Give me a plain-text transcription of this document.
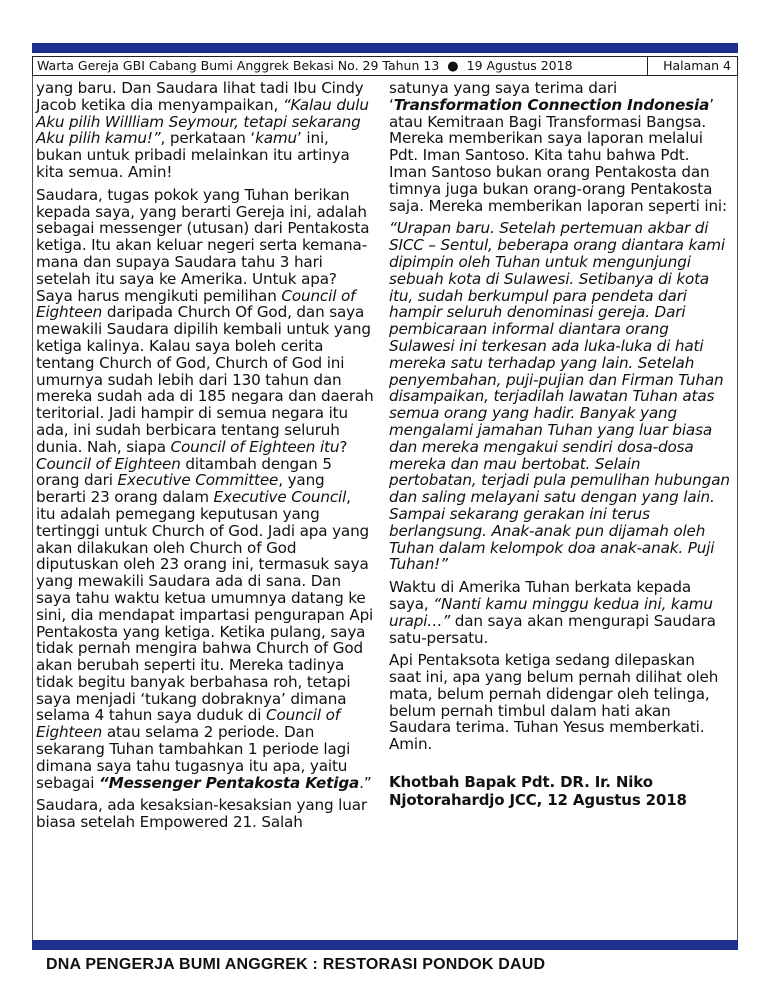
Warta Gereja GBI Cabang Bumi Anggrek Bekasi No. 29 Tahun 13 ● 19 Agustus 2018	Halaman 4

yang baru. Dan Saudara lihat tadi Ibu Cindy Jacob ketika dia menyampaikan, “Kalau dulu Aku pilih Willliam Seymour, tetapi sekarang Aku pilih kamu!”, perkataan ‘kamu’ ini, bukan untuk pribadi melainkan itu artinya kita semua. Amin!

Saudara, tugas pokok yang Tuhan berikan kepada saya, yang berarti Gereja ini, adalah sebagai messenger (utusan) dari Pentakosta ketiga. Itu akan keluar negeri serta kemana-mana dan supaya Saudara tahu 3 hari setelah itu saya ke Amerika. Untuk apa? Saya harus mengikuti pemilihan Council of Eighteen daripada Church Of God, dan saya mewakili Saudara dipilih kembali untuk yang ketiga kalinya. Kalau saya boleh cerita tentang Church of God, Church of God ini umurnya sudah lebih dari 130 tahun dan mereka sudah ada di 185 negara dan daerah teritorial. Jadi hampir di semua negara itu ada, ini sudah berbicara tentang seluruh dunia. Nah, siapa Council of Eighteen itu? Council of Eighteen ditambah dengan 5 orang dari Executive Committee, yang berarti 23 orang dalam Executive Council, itu adalah pemegang keputusan yang tertinggi untuk Church of God. Jadi apa yang akan dilakukan oleh Church of God diputuskan oleh 23 orang ini, termasuk saya yang mewakili Saudara ada di sana. Dan saya tahu waktu ketua umumnya datang ke sini, dia mendapat impartasi pengurapan Api Pentakosta yang ketiga. Ketika pulang, saya tidak pernah mengira bahwa Church of God akan berubah seperti itu. Mereka tadinya tidak begitu banyak berbahasa roh, tetapi saya menjadi ‘tukang dobraknya’ dimana selama 4 tahun saya duduk di Council of Eighteen atau selama 2 periode. Dan sekarang Tuhan tambahkan 1 periode lagi dimana saya tahu tugasnya itu apa, yaitu sebagai “Messenger Pentakosta Ketiga.”

Saudara, ada kesaksian-kesaksian yang luar biasa setelah Empowered 21. Salah

satunya yang saya terima dari ‘Transformation Connection Indonesia’ atau Kemitraan Bagi Transformasi Bangsa. Mereka memberikan saya laporan melalui Pdt. Iman Santoso. Kita tahu bahwa Pdt. Iman Santoso bukan orang Pentakosta dan timnya juga bukan orang-orang Pentakosta saja. Mereka memberikan laporan seperti ini:

“Urapan baru. Setelah pertemuan akbar di SICC – Sentul, beberapa orang diantara kami dipimpin oleh Tuhan untuk mengunjungi sebuah kota di Sulawesi. Setibanya di kota itu, sudah berkumpul para pendeta dari hampir seluruh denominasi gereja. Dari pembicaraan informal diantara orang Sulawesi ini terkesan ada luka-luka di hati mereka satu terhadap yang lain. Setelah penyembahan, puji-pujian dan Firman Tuhan disampaikan, terjadilah lawatan Tuhan atas semua orang yang hadir. Banyak yang mengalami jamahan Tuhan yang luar biasa dan mereka mengakui sendiri dosa-dosa mereka dan mau bertobat. Selain pertobatan, terjadi pula pemulihan hubungan dan saling melayani satu dengan yang lain. Sampai sekarang gerakan ini terus berlangsung. Anak-anak pun dijamah oleh Tuhan dalam kelompok doa anak-anak. Puji Tuhan!”

Waktu di Amerika Tuhan berkata kepada saya, “Nanti kamu minggu kedua ini, kamu urapi…” dan saya akan mengurapi Saudara satu-persatu.

Api Pentaksota ketiga sedang dilepaskan saat ini, apa yang belum pernah dilihat oleh mata, belum pernah didengar oleh telinga, belum pernah timbul dalam hati akan Saudara terima. Tuhan Yesus memberkati. Amin.

Khotbah Bapak Pdt. DR. Ir. Niko Njotorahardjo JCC, 12 Agustus 2018

DNA PENGERJA BUMI ANGGREK : RESTORASI PONDOK DAUD
